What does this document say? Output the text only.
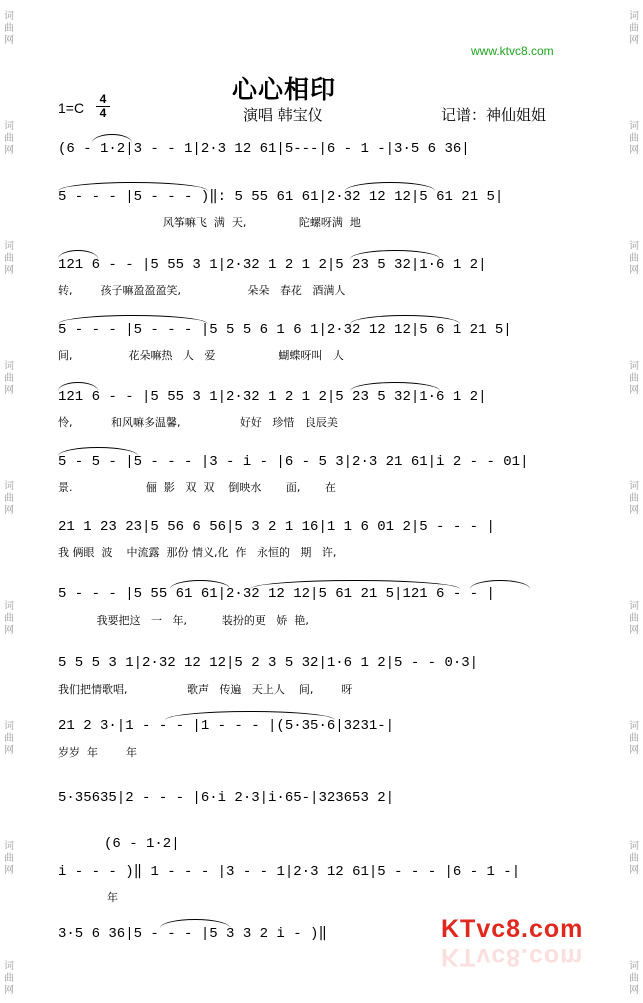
词
曲
网
词
曲
网
词
曲
网
词
曲
网
词
曲
网
词
曲
网
词
曲
网
词
曲
网
词
曲
网
词
曲
网
词
曲
网
词
曲
网
词
曲
网
词
曲
网
词
曲
网
词
曲
网
词
曲
网
词
曲
网
www.ktvc8.com
心心相印
演唱 韩宝仪	记谱：神仙姐姐
1=C
4
4
(6 - 1·2|3 - - 1|2·3 12 61|5---|6 - 1 -|3·5 6 36|
5 - - - |5 - - - )‖: 5 55 61 61|2·32 12 12|5 61 21 5|
风筝嘛飞  满  天,               陀螺呀满  地
121 6 - - |5 55 3 1|2·32 1 2 1 2|5 23 5 32|1·6 1 2|
转,        孩子嘛盈盈盈笑,                   朵朵   春花   酒满人
5 - - - |5 - - - |5 5 5 6 1 6 1|2·32 12 12|5 6 1 21 5|
间,                花朵嘛热   人   爱                  蝴蝶呀叫   人
121 6 - - |5 55 3 1|2·32 1 2 1 2|5 23 5 32|1·6 1 2|
怜,           和风嘛多温馨,                 好好   珍惜   良辰美
5 - 5 - |5 - - - |3 - i - |6 - 5 3|2·3 21 61|i 2 - - 01|
景.                     俪  影   双  双    倒映水       面,       在
21 1 23 23|5 56 6 56|5 3 2 1 16|1 1 6 01 2|5 - - - |
我 俩眼  波    中流露  那份 情义,化  作   永恒的   期   许,
5 - - - |5 55 61 61|2·32 12 12|5 61 21 5|121 6 - - |
我要把这   一   年,          装扮的更   娇  艳,
5 5 5 3 1|2·32 12 12|5 2 3 5 32|1·6 1 2|5 - - 0·3|
我们把情歌唱,                 歌声   传遍   天上人    间,        呀
21 2 3·|1 - - - |1 - - - |(5·35·6|3231-|
岁岁  年        年
5·35635|2 - - - |6·i 2·3|i·65-|323653 2|
(6 - 1·2|
i - - - )‖ 1 - - - |3 - - 1|2·3 12 61|5 - - - |6 - 1 -|
年
3·5 6 36|5 - - - |5 3 3 2 i - )‖	KTvc8.com
KTvc8.com
